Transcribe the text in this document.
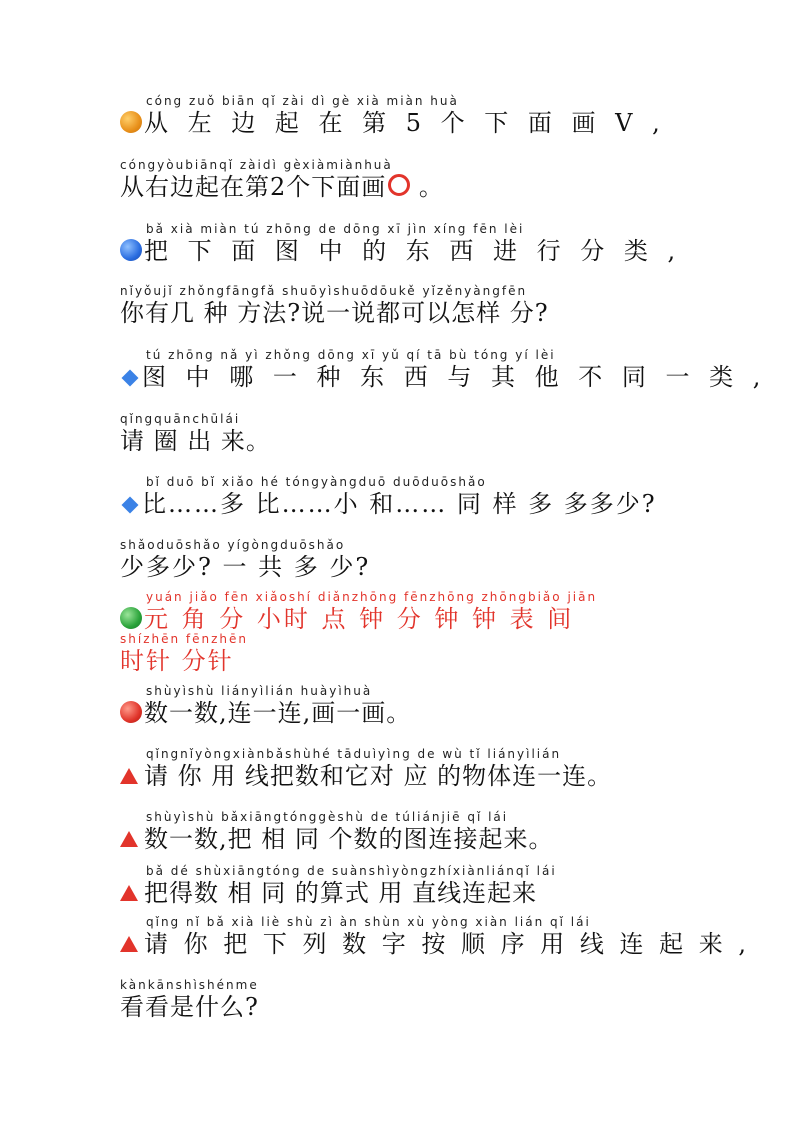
cóng zuǒ biān qǐ zài dì gè xià miàn huà
从 左 边 起 在 第 5 个 下 面 画 V ,
cóngyòubiānqǐ zàidì gèxiàmiànhuà
从右边起在第2个下面画 。
bǎ xià miàn tú zhōng de dōng xī jìn xíng fēn lèi
把 下 面 图 中 的 东 西 进 行 分 类 ,
nǐyǒujǐ zhǒngfāngfǎ shuōyìshuōdōukě yǐzěnyàngfēn
你有几 种 方法?说一说都可以怎样 分?
tú zhōng nǎ yì zhǒng dōng xī yǔ qí tā bù tóng yí lèi
图 中 哪 一 种 东 西 与 其 他 不 同 一 类 ,
qǐngquānchūlái
请 圈 出 来。
bǐ duō bǐ xiǎo hé tóngyàngduō duōduōshǎo
比……多 比……小 和…… 同 样 多 多多少?
shǎoduōshǎo yígòngduōshǎo
少多少? 一 共 多 少?
yuán jiǎo fēn xiǎoshí diǎnzhōng fēnzhōng zhōngbiǎo jiān
元 角 分 小时 点 钟 分 钟 钟 表 间
shízhēn fēnzhēn
时针 分针
shùyìshù liányìlián huàyìhuà
数一数,连一连,画一画。
qǐngnǐyòngxiànbǎshùhé tāduìyìng de wù tǐ liányìlián
请 你 用 线把数和它对 应 的物体连一连。
shùyìshù bǎxiāngtónggèshù de túliánjiē qǐ lái
数一数,把 相 同 个数的图连接起来。
bǎ dé shùxiāngtóng de suànshìyòngzhíxiànliánqǐ lái
把得数 相 同 的算式 用 直线连起来
qǐng nǐ bǎ xià liè shù zì àn shùn xù yòng xiàn lián qǐ lái
请 你 把 下 列 数 字 按 顺 序 用 线 连 起 来 ,
kànkānshìshénme
看看是什么?
